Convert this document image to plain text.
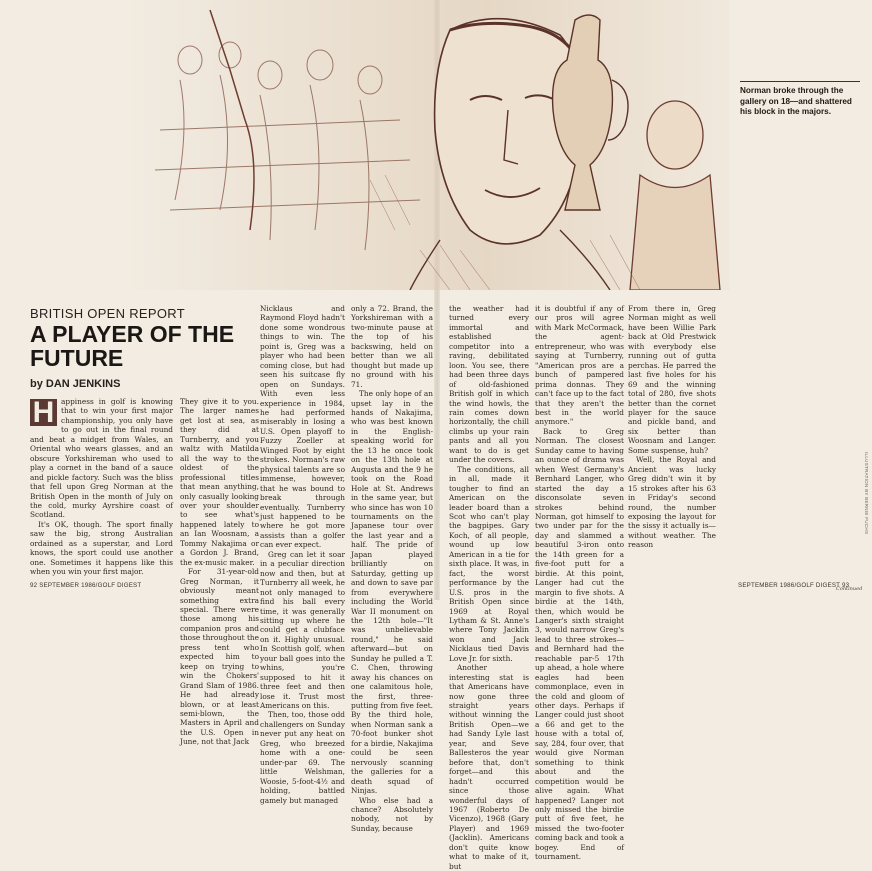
Norman broke through the gallery on 18—and shattered his block in the majors.
BRITISH OPEN REPORT
A PLAYER OF THE FUTURE
by DAN JENKINS

H appiness in golf is knowing that to win your first major championship, you only have to go out in the final round and beat a midget from Wales, an Oriental who wears glasses, and an obscure Yorkshireman who used to play a cornet in the band of a sauce and pickle factory. Such was the bliss that fell upon Greg Norman at the British Open in the month of July on the cold, murky Ayrshire coast of Scotland.

It's OK, though. The sport finally saw the big, strong Australian ordained as a superstar, and Lord knows, the sport could use another one. Sometimes it happens like this when you win your first major.

They give it to you. The larger names get lost at sea, as they did at Turnberry, and you waltz with Matilda all the way to the oldest of the professional titles that mean anything, only casually looking over your shoulder to see what's happened lately to an Ian Woosnam, a Tommy Nakajima or a Gordon J. Brand, the ex-music maker.

For 31-year-old Greg Norman, it obviously meant something extra special. There were those among his companion pros and those throughout the press tent who expected him to keep on trying to win the Chokers' Grand Slam of 1986. He had already blown, or at least semi-blown, the Masters in April and the U.S. Open in June, not that Jack

Nicklaus and Raymond Floyd hadn't done some wondrous things to win. The point is, Greg was a player who had been coming close, but had seen his suitcase fly open on Sundays. With even less experience in 1984, he had performed miserably in losing a U.S. Open playoff to Fuzzy Zoeller at Winged Foot by eight strokes. Norman's raw physical talents are so immense, however, that he was bound to break through eventually. Turnberry just happened to be where he got more assists than a golfer can ever expect.

Greg can let it soar in a peculiar direction now and then, but at Turnberry all week, he not only managed to find his ball every time, it was generally sitting up where he could get a clubface on it. Highly unusual. In Scottish golf, when your ball goes into the whins, you're supposed to hit it three feet and then lose it. Trust most Americans on this.

Then, too, those odd challengers on Sunday never put any heat on Greg, who breezed home with a one-under-par 69. The little Welshman, Woosie, 5-foot-4½ and holding, battled gamely but managed

only a 72. Brand, the Yorkshireman with a two-minute pause at the top of his backswing, held on better than we all thought but made up no ground with his 71.

The only hope of an upset lay in the hands of Nakajima, who was best known in the English-speaking world for the 13 he once took on the 13th hole at Augusta and the 9 he took on the Road Hole at St. Andrews in the same year, but who since has won 10 tournaments on the Japanese tour over the last year and a half. The pride of Japan played brilliantly on Saturday, getting up and down to save par from everywhere including the World War II monument on the 12th hole—"It was unbelievable round," he said afterward—but on Sunday he pulled a T. C. Chen, throwing away his chances on one calamitous hole, the first, three-putting from five feet. By the third hole, when Norman sank a 70-foot bunker shot for a birdie, Nakajima could be seen nervously scanning the galleries for a death squad of Ninjas.

Who else had a chance? Absolutely nobody, not by Sunday, because

the weather had turned every immortal and established competitor into a raving, debilitated loon. You see, there had been three days of old-fashioned British golf in which the wind howls, the rain comes down horizontally, the chill climbs up your rain pants and all you want to do is get under the covers.

The conditions, all in all, made it tougher to find an American on the leader board than a Scot who can't play the bagpipes. Gary Koch, of all people, wound up low American in a tie for sixth place. It was, in fact, the worst performance by the U.S. pros in the British Open since 1969 at Royal Lytham & St. Anne's where Tony Jacklin won and Jack Nicklaus tied Davis Love Jr. for sixth.

Another interesting stat is that Americans have now gone three straight years without winning the British Open—we had Sandy Lyle last year, and Seve Ballesteros the year before that, don't forget—and this hadn't occurred since those wonderful days of 1967 (Roberto De Vicenzo), 1968 (Gary Player) and 1969 (Jacklin). Americans don't quite know what to make of it, but

it is doubtful if any of our pros will agree with Mark McCormack, the agent-entrepreneur, who was saying at Turnberry, "American pros are a bunch of pampered prima donnas. They can't face up to the fact that they aren't the best in the world anymore."

Back to Greg Norman. The closest Sunday came to having an ounce of drama was when West Germany's Bernhard Langer, who started the day a disconsolate seven strokes behind Norman, got himself to two under par for the day and slammed a beautiful 3-iron onto the 14th green for a five-foot putt for a birdie. At this point, Langer had cut the margin to five shots. A birdie at the 14th, then, which would be Langer's sixth straight 3, would narrow Greg's lead to three strokes—and Bernhard had the reachable par-5 17th up ahead, a hole where eagles had been commonplace, even in the cold and gloom of other days. Perhaps if Langer could just shoot a 66 and get to the house with a total of, say, 284, four over, that would give Norman something to think about and the competition would be alive again. What happened? Langer not only missed the birdie putt of five feet, he missed the two-footer coming back and took a bogey. End of tournament.

From there in, Greg Norman might as well have been Willie Park back at Old Prestwick with everybody else running out of gutta perchas. He parred the last five holes for his 69 and the winning total of 280, five shots better than the cornet player for the sauce and pickle band, and six better than Woosnam and Langer. Some suspense, huh?

Well, the Royal and Ancient was lucky Greg didn't win it by 15 strokes after his 63 in Friday's second round, the number exposing the layout for the sissy it actually is—without weather. The reason

Continued
92 SEPTEMBER 1986/GOLF DIGEST	SEPTEMBER 1986/GOLF DIGEST 93
ILLUSTRATION BY BERNIE FUCHS
